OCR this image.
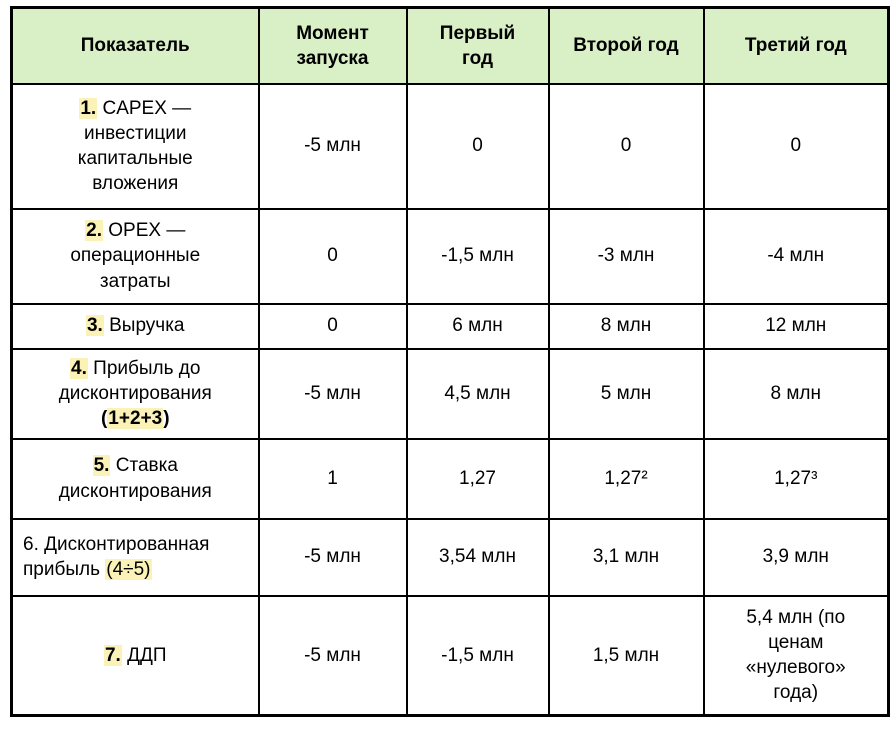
Показатель	Момент запуска	Первый год	Второй год	Третий год
1. CAPEX — инвестиции капитальные вложения	-5 млн	0	0	0
2. OPEX — операционные затраты	0	-1,5 млн	-3 млн	-4 млн
3. Выручка	0	6 млн	8 млн	12 млн
4. Прибыль до дисконтирования (1+2+3)	-5 млн	4,5 млн	5 млн	8 млн
5. Ставка дисконтирования	1	1,27	1,27²	1,27³
6. Дисконтированная прибыль (4÷5)	-5 млн	3,54 млн	3,1 млн	3,9 млн
7. ДДП	-5 млн	-1,5 млн	1,5 млн	5,4 млн (по ценам «нулевого» года)
